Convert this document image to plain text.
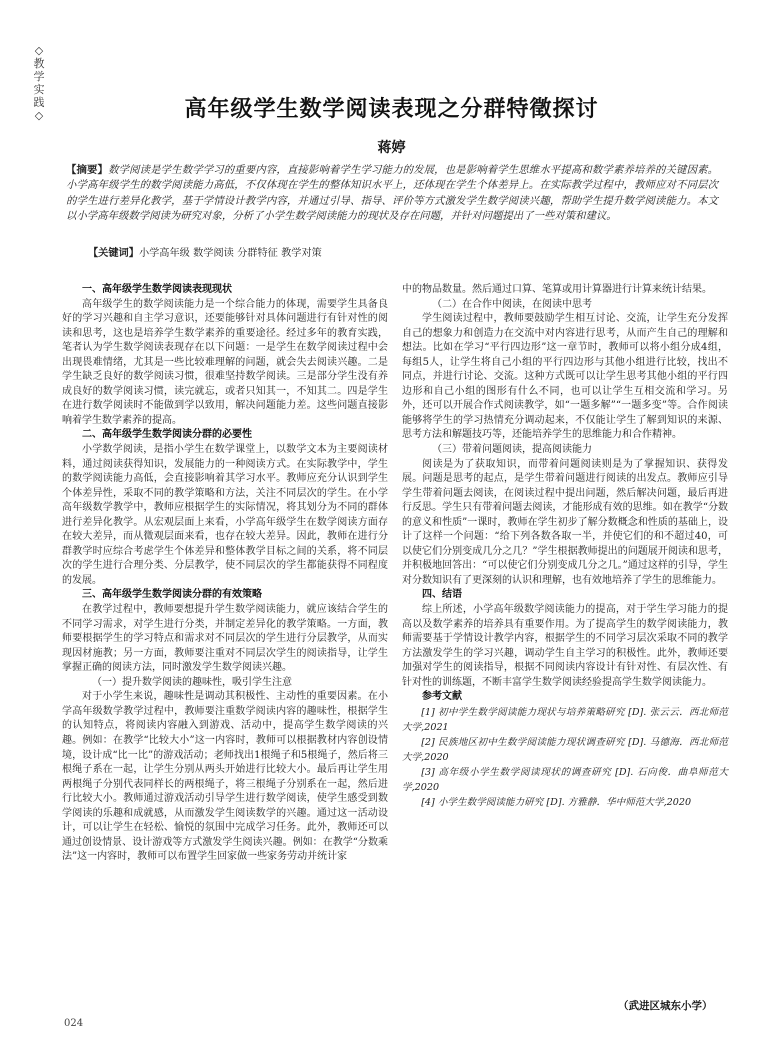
◇教学实践◇	高年级学生数学阅读表现之分群特徵探讨
蒋婷

【摘要】数学阅读是学生数学学习的重要内容，直接影响着学生学习能力的发展，也是影响着学生思维水平提高和数学素养培养的关键因素。小学高年级学生的数学阅读能力高低，不仅体现在学生的整体知识水平上，还体现在学生个体差异上。在实际教学过程中，教师应对不同层次的学生进行差异化教学，基于学情设计教学内容，并通过引导、指导、评价等方式激发学生数学阅读兴趣，帮助学生提升数学阅读能力。本文以小学高年级数学阅读为研究对象，分析了小学生数学阅读能力的现状及存在问题，并针对问题提出了一些对策和建议。

【关键词】小学高年级 数学阅读 分群特征 教学对策

一、高年级学生数学阅读表现现状

高年级学生的数学阅读能力是一个综合能力的体现，需要学生具备良好的学习兴趣和自主学习意识，还要能够针对具体问题进行有针对性的阅读和思考，这也是培养学生数学素养的重要途径。经过多年的教育实践，笔者认为学生数学阅读表现存在以下问题：一是学生在数学阅读过程中会出现畏难情绪，尤其是一些比较难理解的问题，就会失去阅读兴趣。二是学生缺乏良好的数学阅读习惯，很难坚持数学阅读。三是部分学生没有养成良好的数学阅读习惯，读完就忘，或者只知其一，不知其二。四是学生在进行数学阅读时不能做到学以致用，解决问题能力差。这些问题直接影响着学生数学素养的提高。

二、高年级学生数学阅读分群的必要性

小学数学阅读，是指小学生在数学课堂上，以数学文本为主要阅读材料，通过阅读获得知识，发展能力的一种阅读方式。在实际教学中，学生的数学阅读能力高低，会直接影响着其学习水平。教师应充分认识到学生个体差异性，采取不同的教学策略和方法，关注不同层次的学生。在小学高年级数学教学中，教师应根据学生的实际情况，将其划分为不同的群体进行差异化教学。从宏观层面上来看，小学高年级学生在数学阅读方面存在较大差异，而从微观层面来看，也存在较大差异。因此，教师在进行分群教学时应综合考虑学生个体差异和整体教学目标之间的关系，将不同层次的学生进行合理分类、分层教学，使不同层次的学生都能获得不同程度的发展。

三、高年级学生数学阅读分群的有效策略

在教学过程中，教师要想提升学生数学阅读能力，就应该结合学生的不同学习需求，对学生进行分类，并制定差异化的教学策略。一方面，教师要根据学生的学习特点和需求对不同层次的学生进行分层教学，从而实现因材施教；另一方面，教师要注重对不同层次学生的阅读指导，让学生掌握正确的阅读方法，同时激发学生数学阅读兴趣。

（一）提升数学阅读的趣味性，吸引学生注意

对于小学生来说，趣味性是调动其积极性、主动性的重要因素。在小学高年级数学教学过程中，教师要注重数学阅读内容的趣味性，根据学生的认知特点，将阅读内容融入到游戏、活动中，提高学生数学阅读的兴趣。例如：在教学“比较大小”这一内容时，教师可以根据教材内容创设情境，设计成“比一比”的游戏活动；老师找出1根绳子和5根绳子，然后将三根绳子系在一起，让学生分别从两头开始进行比较大小。最后再让学生用两根绳子分别代表同样长的两根绳子，将三根绳子分别系在一起，然后进行比较大小。教师通过游戏活动引导学生进行数学阅读，使学生感受到数学阅读的乐趣和成就感，从而激发学生阅读数学的兴趣。通过这一活动设计，可以让学生在轻松、愉悦的氛围中完成学习任务。此外，教师还可以通过创设情景、设计游戏等方式激发学生阅读兴趣。例如：在教学“分数乘法”这一内容时，教师可以布置学生回家做一些家务劳动并统计家

中的物品数量。然后通过口算、笔算或用计算器进行计算来统计结果。

（二）在合作中阅读，在阅读中思考

学生阅读过程中，教师要鼓励学生相互讨论、交流，让学生充分发挥自己的想象力和创造力在交流中对内容进行思考，从而产生自己的理解和想法。比如在学习“平行四边形”这一章节时，教师可以将小组分成4组，每组5人，让学生将自己小组的平行四边形与其他小组进行比较，找出不同点，并进行讨论、交流。这种方式既可以让学生思考其他小组的平行四边形和自己小组的图形有什么不同，也可以让学生互相交流和学习。另外，还可以开展合作式阅读教学，如“一题多解”“一题多变”等。合作阅读能够将学生的学习热情充分调动起来，不仅能让学生了解到知识的来源、思考方法和解题技巧等，还能培养学生的思维能力和合作精神。

（三）带着问题阅读，提高阅读能力

阅读是为了获取知识，而带着问题阅读则是为了掌握知识、获得发展。问题是思考的起点，是学生带着问题进行阅读的出发点。教师应引导学生带着问题去阅读，在阅读过程中提出问题，然后解决问题，最后再进行反思。学生只有带着问题去阅读，才能形成有效的思维。如在教学“分数的意义和性质”一课时，教师在学生初步了解分数概念和性质的基础上，设计了这样一个问题：“给下列各数各取一半，并使它们的和不超过40，可以使它们分别变成几分之几？”学生根据教师提出的问题展开阅读和思考，并积极地回答出：“可以使它们分别变成几分之几。”通过这样的引导，学生对分数知识有了更深刻的认识和理解，也有效地培养了学生的思维能力。

四、结语

综上所述，小学高年级数学阅读能力的提高，对于学生学习能力的提高以及数学素养的培养具有重要作用。为了提高学生的数学阅读能力，教师需要基于学情设计教学内容，根据学生的不同学习层次采取不同的教学方法激发学生的学习兴趣，调动学生自主学习的积极性。此外，教师还要加强对学生的阅读指导，根据不同阅读内容设计有针对性、有层次性、有针对性的训练题，不断丰富学生数学阅读经验提高学生数学阅读能力。

参考文献

[1] 初中学生数学阅读能力现状与培养策略研究 [D]. 张云云．西北师范大学,2021

[2] 民族地区初中生数学阅读能力现状调查研究 [D]. 马德海．西北师范大学,2020

[3] 高年级小学生数学阅读现状的调查研究 [D]. 石向俊．曲阜师范大学,2020

[4] 小学生数学阅读能力研究 [D]. 方雅静．华中师范大学,2020

（武进区城东小学）
024
